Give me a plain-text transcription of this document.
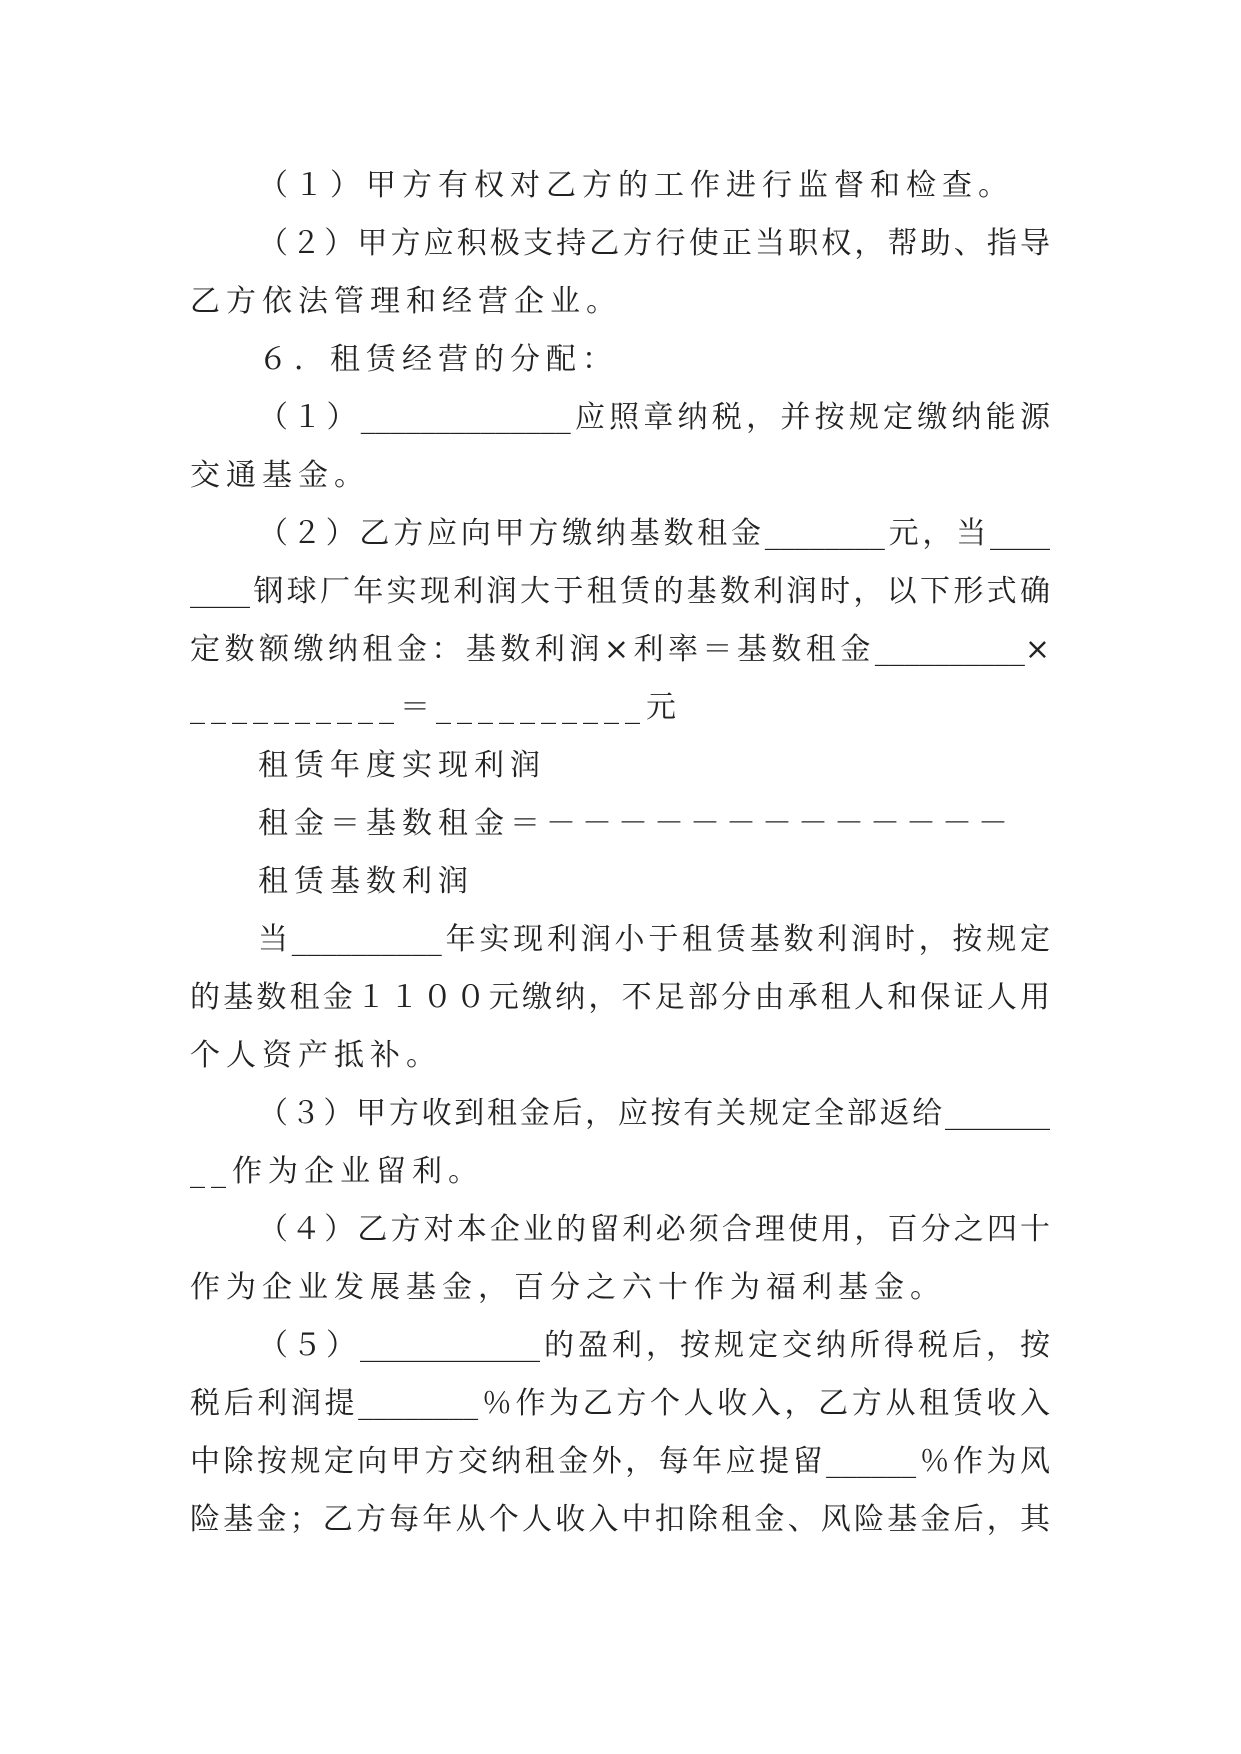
（１）甲方有权对乙方的工作进行监督和检查。
（２）甲方应积极支持乙方行使正当职权，帮助、指导
乙方依法管理和经营企业。
６．租赁经营的分配：
（１）______________应照章纳税，并按规定缴纳能源
交通基金。
（２）乙方应向甲方缴纳基数租金________元，当____
____钢球厂年实现利润大于租赁的基数利润时，以下形式确
定数额缴纳租金：基数利润×利率＝基数租金__________×
__________＝__________元
租赁年度实现利润
租金＝基数租金＝－－－－－－－－－－－－－
租赁基数利润
当__________年实现利润小于租赁基数利润时，按规定
的基数租金１１００元缴纳，不足部分由承租人和保证人用
个人资产抵补。
（３）甲方收到租金后，应按有关规定全部返给_______
__作为企业留利。
（４）乙方对本企业的留利必须合理使用，百分之四十
作为企业发展基金，百分之六十作为福利基金。
（５）____________的盈利，按规定交纳所得税后，按
税后利润提________％作为乙方个人收入，乙方从租赁收入
中除按规定向甲方交纳租金外，每年应提留______％作为风
险基金；乙方每年从个人收入中扣除租金、风险基金后，其
